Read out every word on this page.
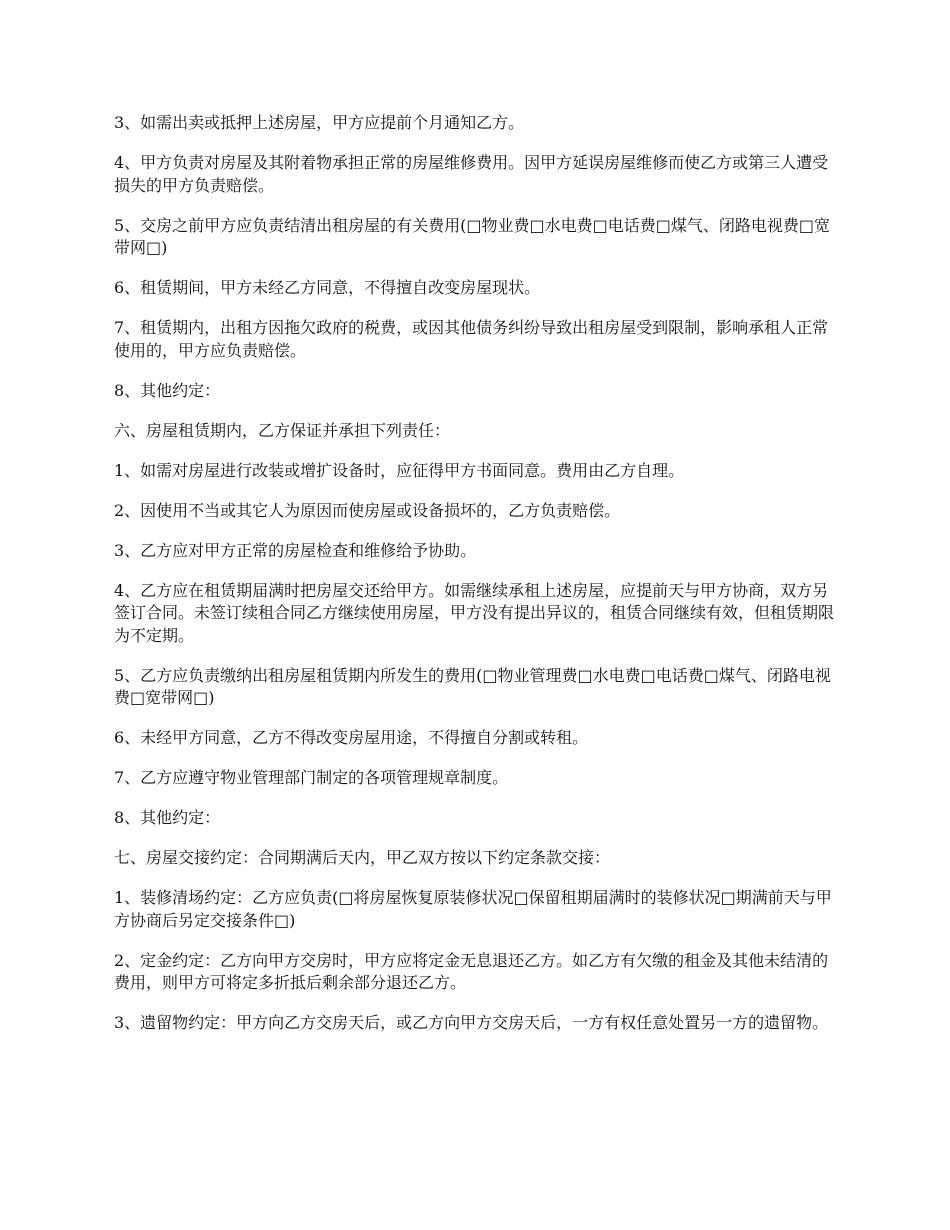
3、如需出卖或抵押上述房屋，甲方应提前个月通知乙方。

4、甲方负责对房屋及其附着物承担正常的房屋维修费用。因甲方延误房屋维修而使乙方或第三人遭受损失的甲方负责赔偿。

5、交房之前甲方应负责结清出租房屋的有关费用(□物业费□水电费□电话费□煤气、闭路电视费□宽带网□)

6、租赁期间，甲方未经乙方同意，不得擅自改变房屋现状。

7、租赁期内，出租方因拖欠政府的税费，或因其他债务纠纷导致出租房屋受到限制，影响承租人正常使用的，甲方应负责赔偿。

8、其他约定：

六、房屋租赁期内，乙方保证并承担下列责任：

1、如需对房屋进行改装或增扩设备时，应征得甲方书面同意。费用由乙方自理。

2、因使用不当或其它人为原因而使房屋或设备损坏的，乙方负责赔偿。

3、乙方应对甲方正常的房屋检查和维修给予协助。

4、乙方应在租赁期届满时把房屋交还给甲方。如需继续承租上述房屋，应提前天与甲方协商，双方另签订合同。未签订续租合同乙方继续使用房屋，甲方没有提出异议的，租赁合同继续有效，但租赁期限为不定期。

5、乙方应负责缴纳出租房屋租赁期内所发生的费用(□物业管理费□水电费□电话费□煤气、闭路电视费□宽带网□)

6、未经甲方同意，乙方不得改变房屋用途，不得擅自分割或转租。

7、乙方应遵守物业管理部门制定的各项管理规章制度。

8、其他约定：

七、房屋交接约定：合同期满后天内，甲乙双方按以下约定条款交接：

1、装修清场约定：乙方应负责(□将房屋恢复原装修状况□保留租期届满时的装修状况□期满前天与甲方协商后另定交接条件□)

2、定金约定：乙方向甲方交房时，甲方应将定金无息退还乙方。如乙方有欠缴的租金及其他未结清的费用，则甲方可将定多折抵后剩余部分退还乙方。

3、遗留物约定：甲方向乙方交房天后，或乙方向甲方交房天后，一方有权任意处置另一方的遗留物。
